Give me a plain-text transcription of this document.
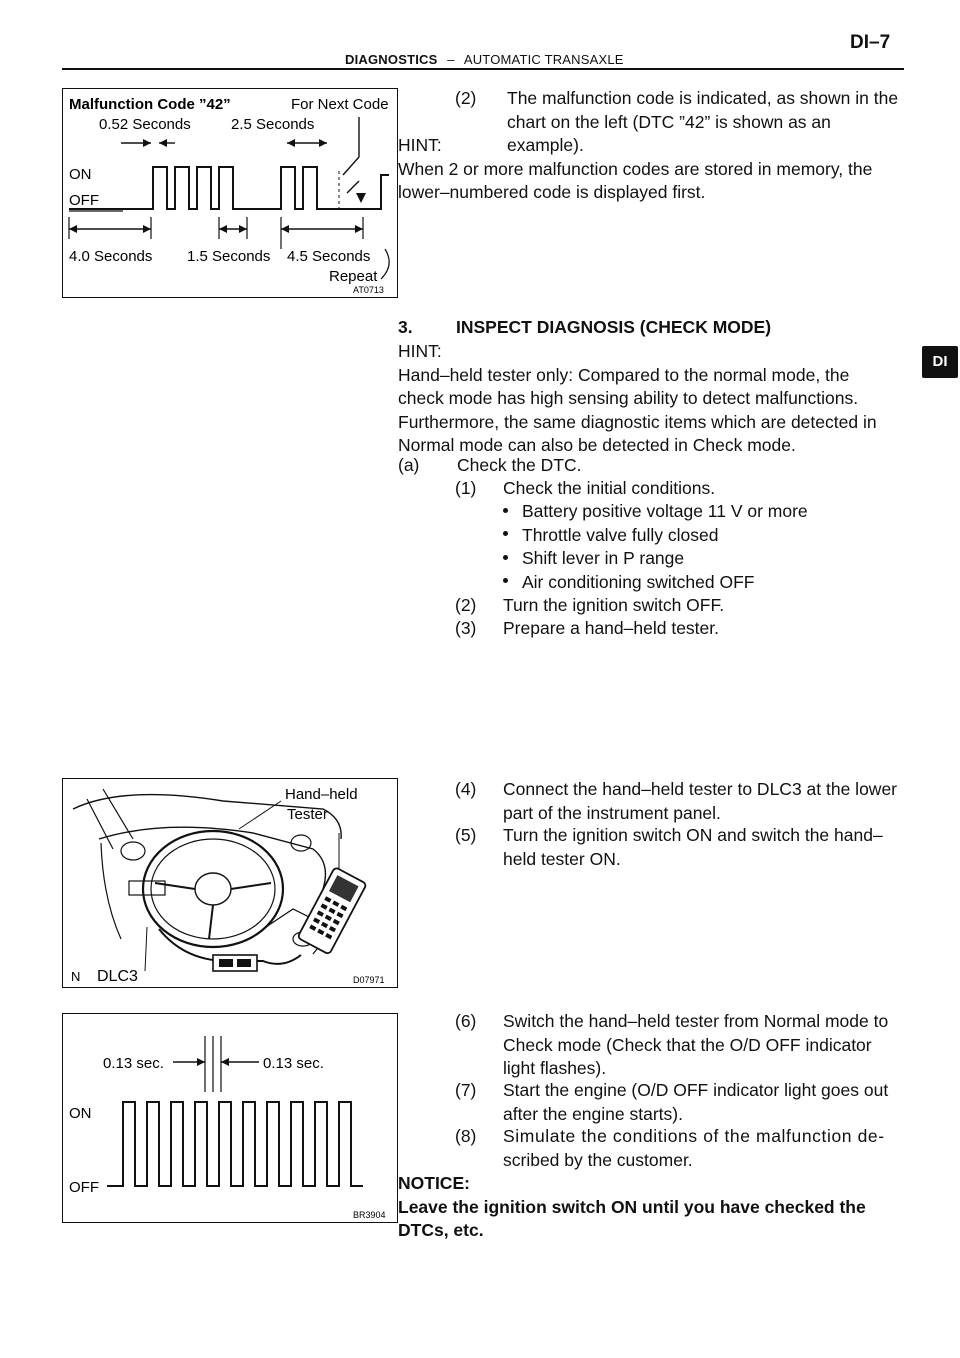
DI–7
DIAGNOSTICS – AUTOMATIC TRANSAXLE
DI
Malfunction Code ”42”	For Next Code
0.52 Seconds	2.5 Seconds
ON
OFF
4.0 Seconds 1.5 Seconds 4.5 Seconds
Repeat
AT0713
Hand–held
Tester
N DLC3	D07971
0.13 sec.	0.13 sec.
ON
OFF
BR3904
(2)	The malfunction code is indicated, as shown in the
chart on the left (DTC ”42” is shown as an example).
HINT:
When 2 or more malfunction codes are stored in memory, the
lower–numbered code is displayed first.
3. INSPECT DIAGNOSIS (CHECK MODE)
HINT:
Hand–held tester only: Compared to the normal mode, the
check mode has high sensing ability to detect malfunctions.
Furthermore, the same diagnostic items which are detected in
Normal mode can also be detected in Check mode.
(a) Check the DTC.
(1) Check the initial conditions.
Battery positive voltage 11 V or more
Throttle valve fully closed
Shift lever in P range
Air conditioning switched OFF
(2) Turn the ignition switch OFF.
(3) Prepare a hand–held tester.
(4)	Connect the hand–held tester to DLC3 at the lower
part of the instrument panel.
(5)	Turn the ignition switch ON and switch the hand–
held tester ON.
(6)	Switch the hand–held tester from Normal mode to
Check mode (Check that the O/D OFF indicator
light flashes).
(7)	Start the engine (O/D OFF indicator light goes out
after the engine starts).
(8)	Simulate the conditions of the malfunction de-
scribed by the customer.
NOTICE:
Leave the ignition switch ON until you have checked the
DTCs, etc.
